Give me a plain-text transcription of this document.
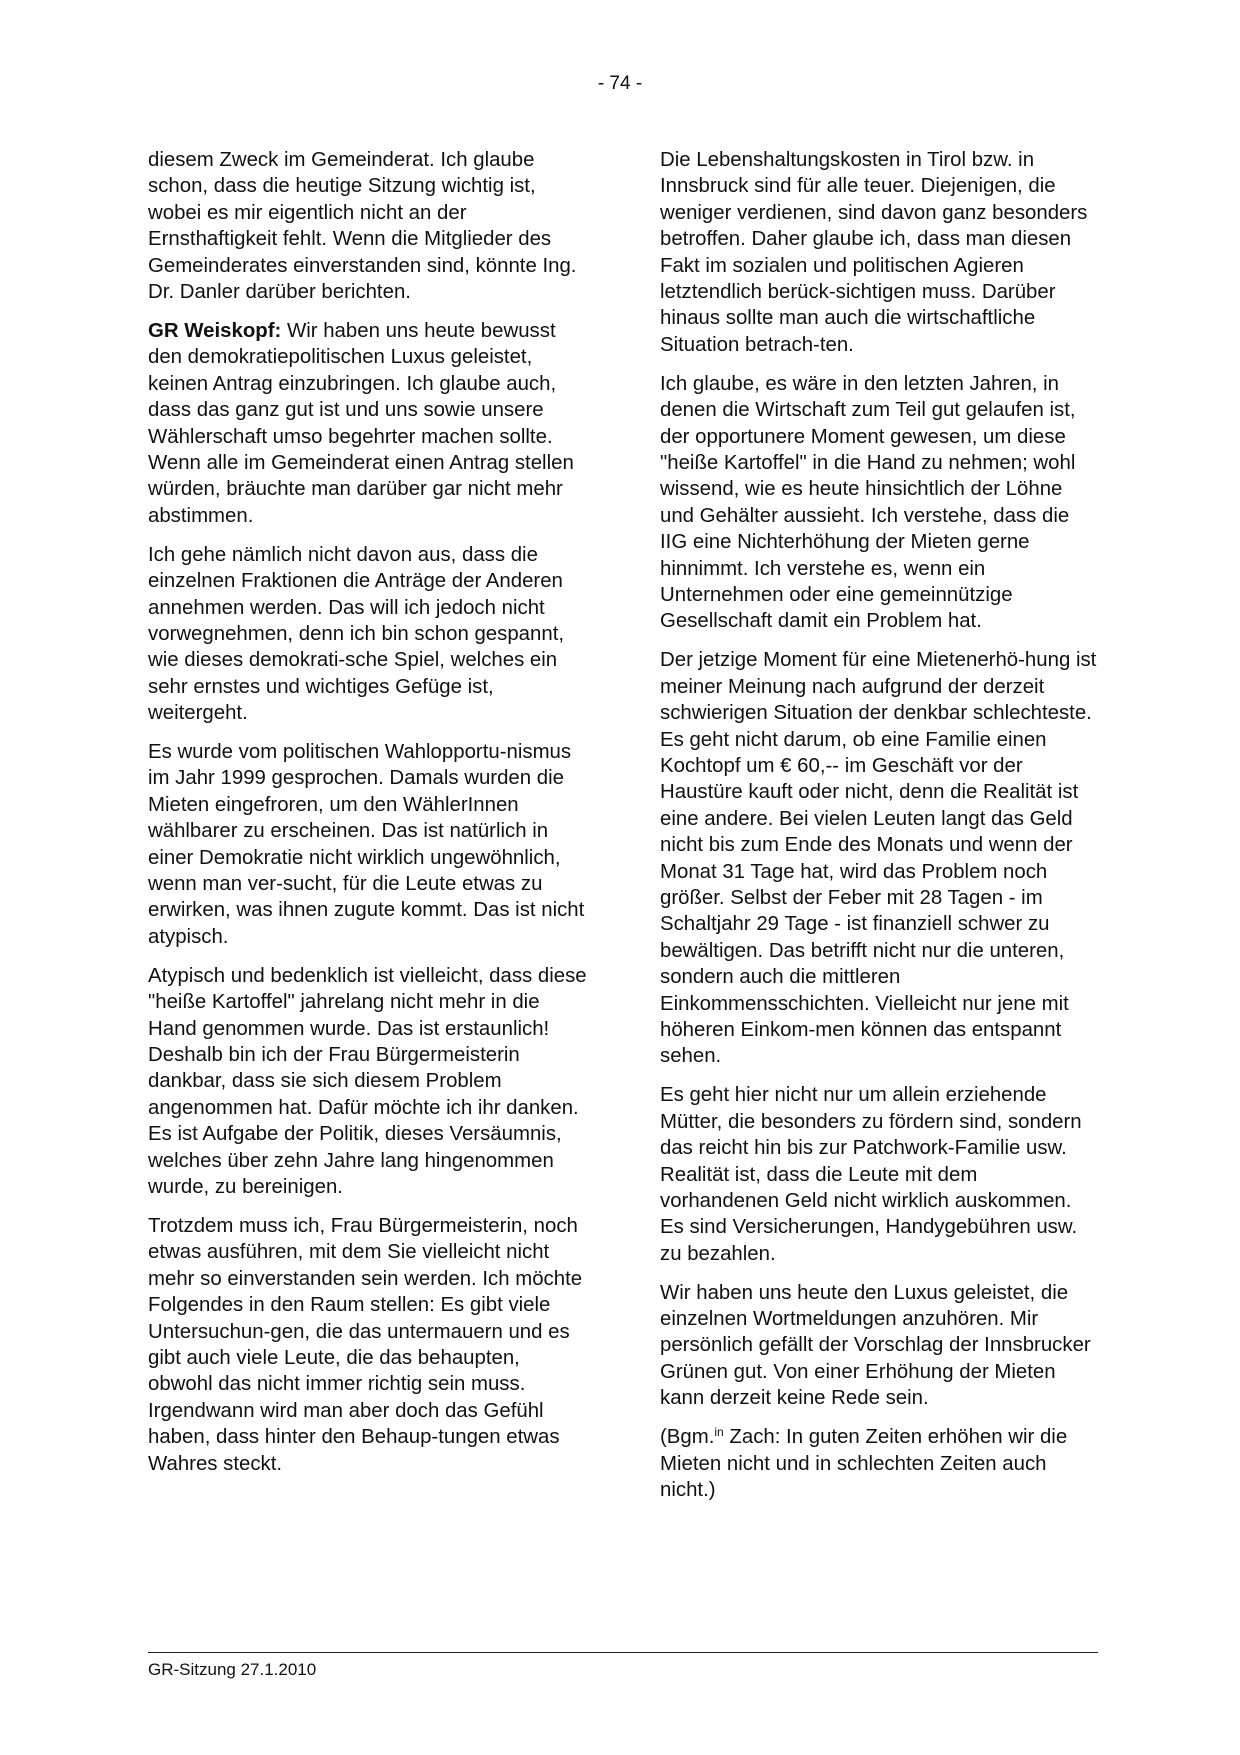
- 74 -

diesem Zweck im Gemeinderat. Ich glaube schon, dass die heutige Sitzung wichtig ist, wobei es mir eigentlich nicht an der Ernsthaftigkeit fehlt. Wenn die Mitglieder des Gemeinderates einverstanden sind, könnte Ing. Dr. Danler darüber berichten.

GR Weiskopf: Wir haben uns heute bewusst den demokratiepolitischen Luxus geleistet, keinen Antrag einzubringen. Ich glaube auch, dass das ganz gut ist und uns sowie unsere Wählerschaft umso begehrter machen sollte. Wenn alle im Gemeinderat einen Antrag stellen würden, bräuchte man darüber gar nicht mehr abstimmen.

Ich gehe nämlich nicht davon aus, dass die einzelnen Fraktionen die Anträge der Anderen annehmen werden. Das will ich jedoch nicht vorwegnehmen, denn ich bin schon gespannt, wie dieses demokrati-sche Spiel, welches ein sehr ernstes und wichtiges Gefüge ist, weitergeht.

Es wurde vom politischen Wahlopportu-nismus im Jahr 1999 gesprochen. Damals wurden die Mieten eingefroren, um den WählerInnen wählbarer zu erscheinen. Das ist natürlich in einer Demokratie nicht wirklich ungewöhnlich, wenn man ver-sucht, für die Leute etwas zu erwirken, was ihnen zugute kommt. Das ist nicht atypisch.

Atypisch und bedenklich ist vielleicht, dass diese "heiße Kartoffel" jahrelang nicht mehr in die Hand genommen wurde. Das ist erstaunlich! Deshalb bin ich der Frau Bürgermeisterin dankbar, dass sie sich diesem Problem angenommen hat. Dafür möchte ich ihr danken. Es ist Aufgabe der Politik, dieses Versäumnis, welches über zehn Jahre lang hingenommen wurde, zu bereinigen.

Trotzdem muss ich, Frau Bürgermeisterin, noch etwas ausführen, mit dem Sie vielleicht nicht mehr so einverstanden sein werden. Ich möchte Folgendes in den Raum stellen: Es gibt viele Untersuchun-gen, die das untermauern und es gibt auch viele Leute, die das behaupten, obwohl das nicht immer richtig sein muss. Irgendwann wird man aber doch das Gefühl haben, dass hinter den Behaup-tungen etwas Wahres steckt.

Die Lebenshaltungskosten in Tirol bzw. in Innsbruck sind für alle teuer. Diejenigen, die weniger verdienen, sind davon ganz besonders betroffen. Daher glaube ich, dass man diesen Fakt im sozialen und politischen Agieren letztendlich berück-sichtigen muss. Darüber hinaus sollte man auch die wirtschaftliche Situation betrach-ten.

Ich glaube, es wäre in den letzten Jahren, in denen die Wirtschaft zum Teil gut gelaufen ist, der opportunere Moment gewesen, um diese "heiße Kartoffel" in die Hand zu nehmen; wohl wissend, wie es heute hinsichtlich der Löhne und Gehälter aussieht. Ich verstehe, dass die IIG eine Nichterhöhung der Mieten gerne hinnimmt. Ich verstehe es, wenn ein Unternehmen oder eine gemeinnützige Gesellschaft damit ein Problem hat.

Der jetzige Moment für eine Mietenerhö-hung ist meiner Meinung nach aufgrund der derzeit schwierigen Situation der denkbar schlechteste. Es geht nicht darum, ob eine Familie einen Kochtopf um € 60,-- im Geschäft vor der Haustüre kauft oder nicht, denn die Realität ist eine andere. Bei vielen Leuten langt das Geld nicht bis zum Ende des Monats und wenn der Monat 31 Tage hat, wird das Problem noch größer. Selbst der Feber mit 28 Tagen - im Schaltjahr 29 Tage - ist finanziell schwer zu bewältigen. Das betrifft nicht nur die unteren, sondern auch die mittleren Einkommensschichten. Vielleicht nur jene mit höheren Einkom-men können das entspannt sehen.

Es geht hier nicht nur um allein erziehende Mütter, die besonders zu fördern sind, sondern das reicht hin bis zur Patchwork-Familie usw. Realität ist, dass die Leute mit dem vorhandenen Geld nicht wirklich auskommen. Es sind Versicherungen, Handygebühren usw. zu bezahlen.

Wir haben uns heute den Luxus geleistet, die einzelnen Wortmeldungen anzuhören. Mir persönlich gefällt der Vorschlag der Innsbrucker Grünen gut. Von einer Erhöhung der Mieten kann derzeit keine Rede sein.

(Bgm.$^{in}$ Zach: In guten Zeiten erhöhen wir die Mieten nicht und in schlechten Zeiten auch nicht.)

GR-Sitzung 27.1.2010
